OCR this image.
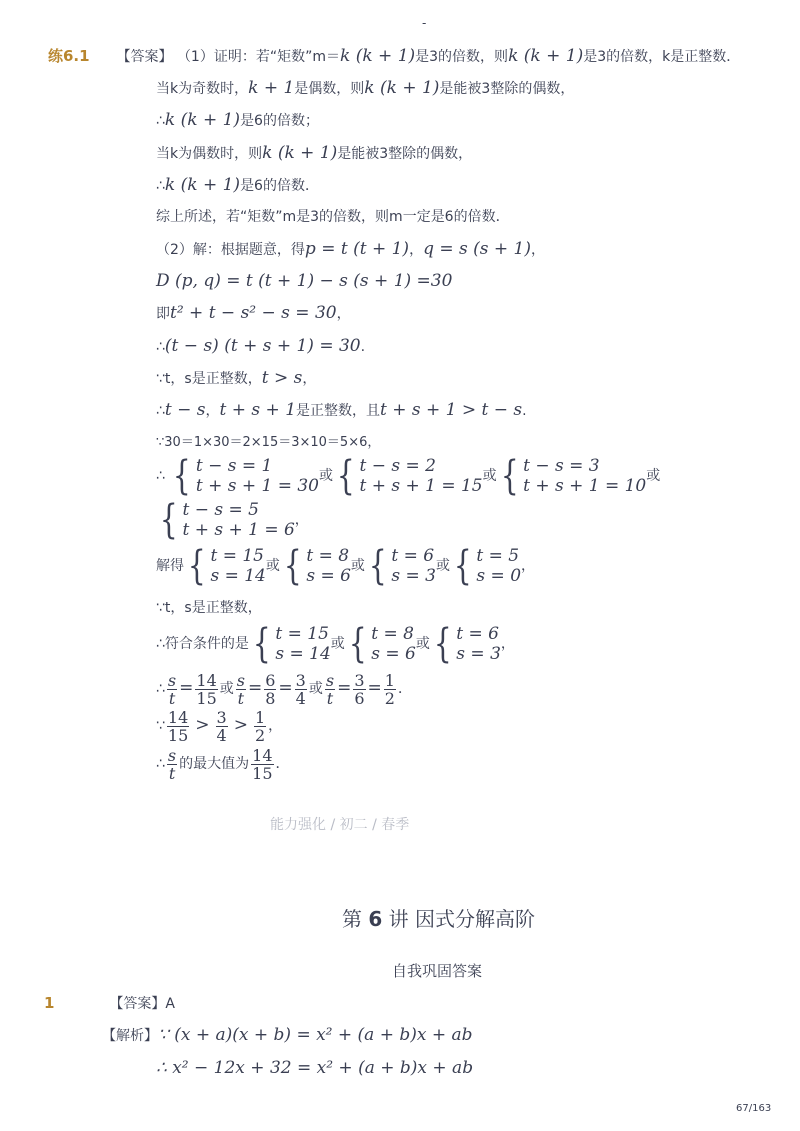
-
练6.1 【答案】 （1）证明：若“矩数”m＝k (k + 1)是3的倍数，则k (k + 1)是3的倍数，k是正整数．
当k为奇数时，k + 1是偶数，则k (k + 1)是能被3整除的偶数，
∴k (k + 1)是6的倍数；
当k为偶数时，则k (k + 1)是能被3整除的偶数，
∴k (k + 1)是6的倍数．
综上所述，若“矩数”m是3的倍数，则m一定是6的倍数．
（2）解：根据题意，得p = t (t + 1)，q = s (s + 1)，
D (p, q) = t (t + 1) − s (s + 1) =30
即t² + t − s² − s = 30，
∴(t − s) (t + s + 1) = 30.
∵t，s是正整数，t > s，
∴t − s，t + s + 1是正整数，且t + s + 1 > t − s.
∵30＝1×30＝2×15＝3×10＝5×6，
∴ { t − s = 1
t + s + 1 = 30 或 { t − s = 2
t + s + 1 = 15 或 { t − s = 3
t + s + 1 = 10 或
{ t − s = 5
t + s + 1 = 6 ，
解得 { t = 15
s = 14 或 { t = 8
s = 6 或 { t = 6
s = 3 或 { t = 5
s = 0 ，
∵t，s是正整数，
∴符合条件的是 { t = 15
s = 14 或 { t = 8
s = 6 或 { t = 6
s = 3 ，
∴ $\frac{s}{t} = \frac{14}{15}$ 或 $\frac{s}{t} = \frac{6}{8} = \frac{3}{4}$ 或 $\frac{s}{t} = \frac{3}{6} = \frac{1}{2}$ ．
∵ $\frac{14}{15} > \frac{3}{4} > \frac{1}{2}$ ，
∴ $\frac{s}{t}$ 的最大值为 $\frac{14}{15}$ ．
能力强化 / 初二 / 春季
第 6 讲 因式分解高阶
自我巩固答案
1	【答案】A
【解析】∵ (x + a)(x + b) = x² + (a + b)x + ab
∴ x² − 12x + 32 = x² + (a + b)x + ab
67/163
